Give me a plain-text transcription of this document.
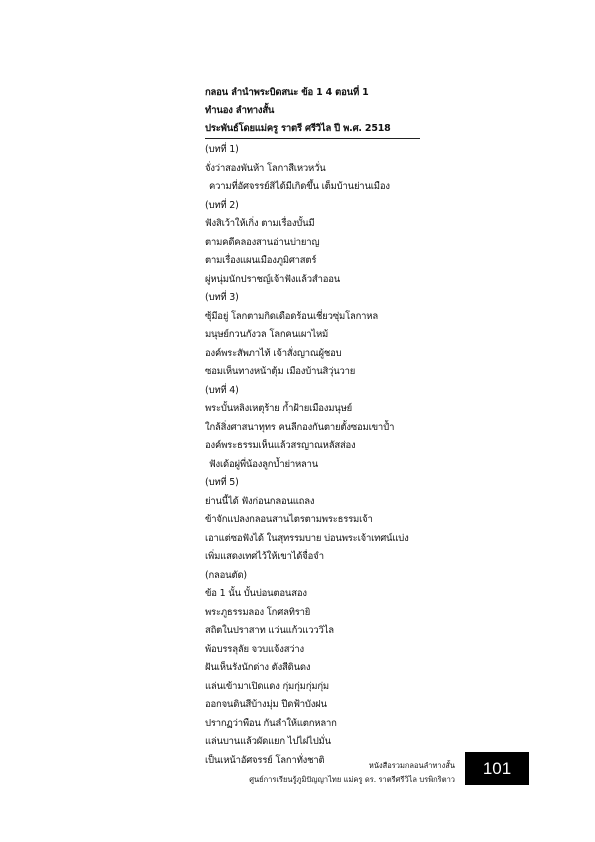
กลอน ลำนำพระบิดสนะ ข้อ 1 4 ตอนที่ 1
ทำนอง ลำทางสั้น
ประพันธ์โดยแม่ครู ราตรี ศรีวิไล ปี พ.ศ. 2518
(บทที่ 1)
จั่งว่าสองพันห้า โลกาสีเหวหวั่น
ความที่อัศจรรย์สิได้มีเกิดขึ้น เต็มบ้านย่านเมือง
(บทที่ 2)
ฟังสิเว้าให้เกิ่ง ตามเรื่องบั้นมี
ตามคดีคลองสานอ่านบ่ายาญ
ตามเรื่องแผนเมืองภูมิศาสตร์
ผู่หนุ่มนักปราชญ์เจ้าฟังแล้วสำออน
(บทที่ 3)
ซุ้มีอยู่ โลกตามกิดเดือดร้อนเชี่ยวซุ่มโลกาหล
มนุษย์กวนกังวล โลกคนเผาไหม้
องค์พระสัพภาไท้ เจ้าสั่งญาณผู้ชอบ
ซอมเห็นทางหน้าตุ้ม เมืองบ้านสิวุ่นวาย
(บทที่ 4)
พระบั้นหลิงเหตุร้าย ก้ำฝ้ายเมืองมนุษย์
ใกล้สิ่งศาสนาทุทร คนลีกองกันตายตั้งซอมเขาป้ำ
องค์พระธรรมเห็นแล้วสรญาณหลัสส่อง
ฟังเด้อผู่พี่น้องลูกบ้ำย่าหลาน
(บทที่ 5)
ย่านนี้ได้ ฟังก่อนกลอนแถลง
ข้าจักแปลงกลอนสานไตรตามพระธรรมเจ้า
เอาแต่ซอฟังได้ ในสุทรรมบาย บ่อนพระเจ้าเทศน์แบ่ง
เพิ่มแสดงเทศไว้ให้เขาได้จื่อจำ
(กลอนตัด)
ข้อ 1 นั้น บั้นบ่อนตอนสอง
พระภูธรรมลอง โกศลทิรายิ
สถิตในปราสาท แว่นแก้วแวววิไล
พ้อบรรลุลัย จวบแจ้งสว่าง
ฝันเห็นรังนักด่าง ตังสีดินดง
แล่นเข้ามาเปิดแดง กุ่มกุ่มกุ่มกุ่ม
ออกจนดินสีบ้างมุ่ม ปีดฟ้าบังฝน
ปรากฏว่าพือน กันลำให้แตกหลาก
แล่นบานแล้วผัดแยก ไปไฝไปมั่น
เป็นเหน้าอัศจรรย์ โลกาทั่งชาติ	หนังสือรวมกลอนลำทางสั้น
ศูนย์การเรียนรู้ภูมิปัญญาไทย แม่ครู ดร. ราตรีศรีวิไล บรพิกริตาว
101
